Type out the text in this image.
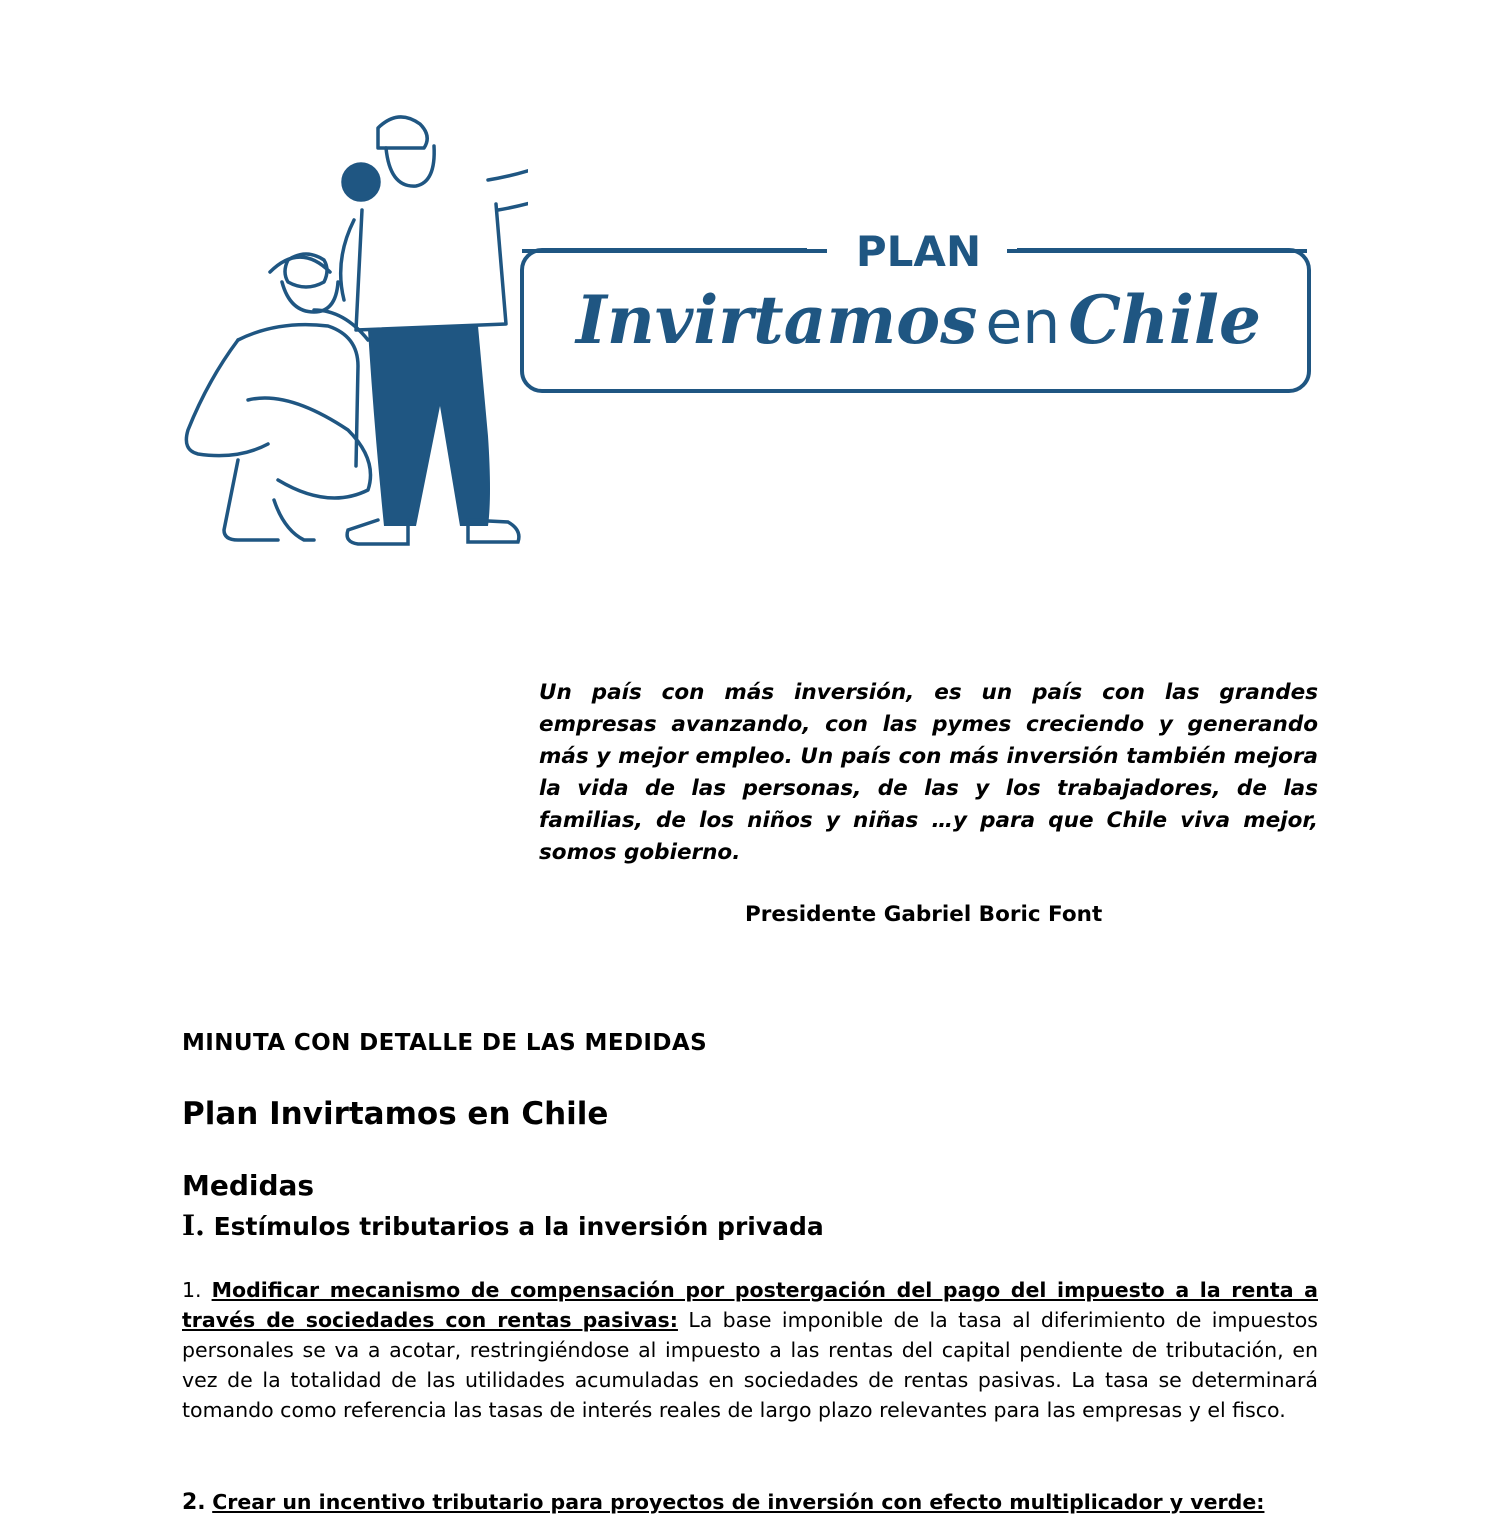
PLAN
Invirtamos en Chile

Un país con más inversión, es un país con las grandes empresas avanzando, con las pymes creciendo y generando más y mejor empleo. Un país con más inversión también mejora la vida de las personas, de las y los trabajadores, de las familias, de los niños y niñas …y para que Chile viva mejor, somos gobierno.

Presidente Gabriel Boric Font
MINUTA CON DETALLE DE LAS MEDIDAS
Plan Invirtamos en Chile
Medidas
I. Estímulos tributarios a la inversión privada

1. Modificar mecanismo de compensación por postergación del pago del impuesto a la renta a través de sociedades con rentas pasivas: La base imponible de la tasa al diferimiento de impuestos personales se va a acotar, restringiéndose al impuesto a las rentas del capital pendiente de tributación, en vez de la totalidad de las utilidades acumuladas en sociedades de rentas pasivas. La tasa se determinará tomando como referencia las tasas de interés reales de largo plazo relevantes para las empresas y el fisco.

2. Crear un incentivo tributario para proyectos de inversión con efecto multiplicador y verde:
